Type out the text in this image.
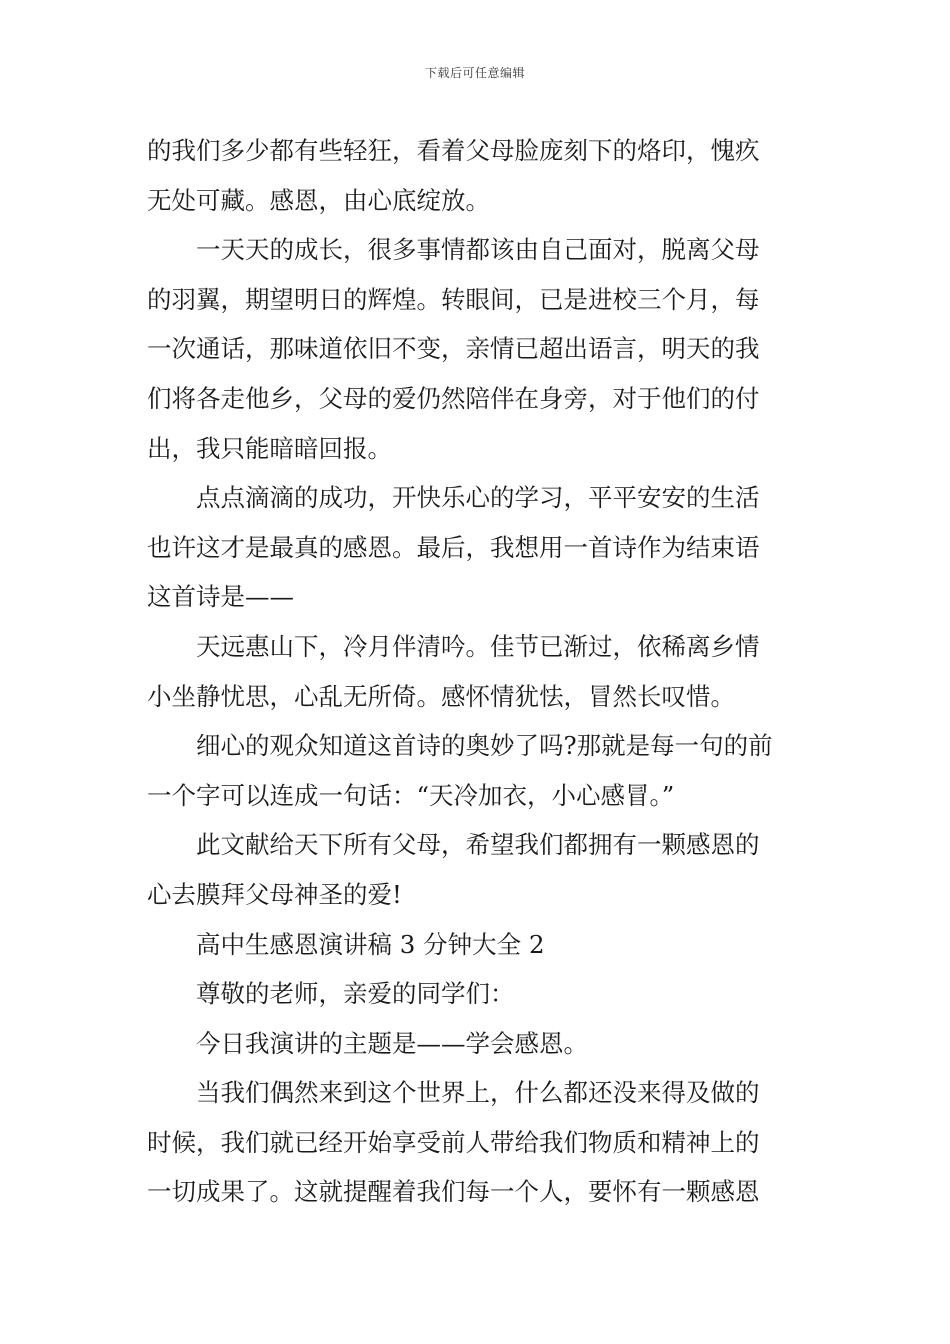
下载后可任意编辑
的我们多少都有些轻狂，看着父母脸庞刻下的烙印，愧疚
无处可藏。感恩，由心底绽放。
一天天的成长，很多事情都该由自己面对，脱离父母
的羽翼，期望明日的辉煌。转眼间，已是进校三个月，每
一次通话，那味道依旧不变，亲情已超出语言，明天的我
们将各走他乡，父母的爱仍然陪伴在身旁，对于他们的付
出，我只能暗暗回报。
点点滴滴的成功，开快乐心的学习，平平安安的生活
也许这才是最真的感恩。最后，我想用一首诗作为结束语
这首诗是——
天远惠山下，冷月伴清吟。佳节已渐过，依稀离乡情
小坐静忧思，心乱无所倚。感怀情犹怯，冒然长叹惜。
细心的观众知道这首诗的奥妙了吗?那就是每一句的前
一个字可以连成一句话：“天冷加衣，小心感冒。”
此文献给天下所有父母，希望我们都拥有一颗感恩的
心去膜拜父母神圣的爱!
高中生感恩演讲稿 3 分钟大全 2
尊敬的老师，亲爱的同学们：
今日我演讲的主题是——学会感恩。
当我们偶然来到这个世界上，什么都还没来得及做的
时候，我们就已经开始享受前人带给我们物质和精神上的
一切成果了。这就提醒着我们每一个人，要怀有一颗感恩
